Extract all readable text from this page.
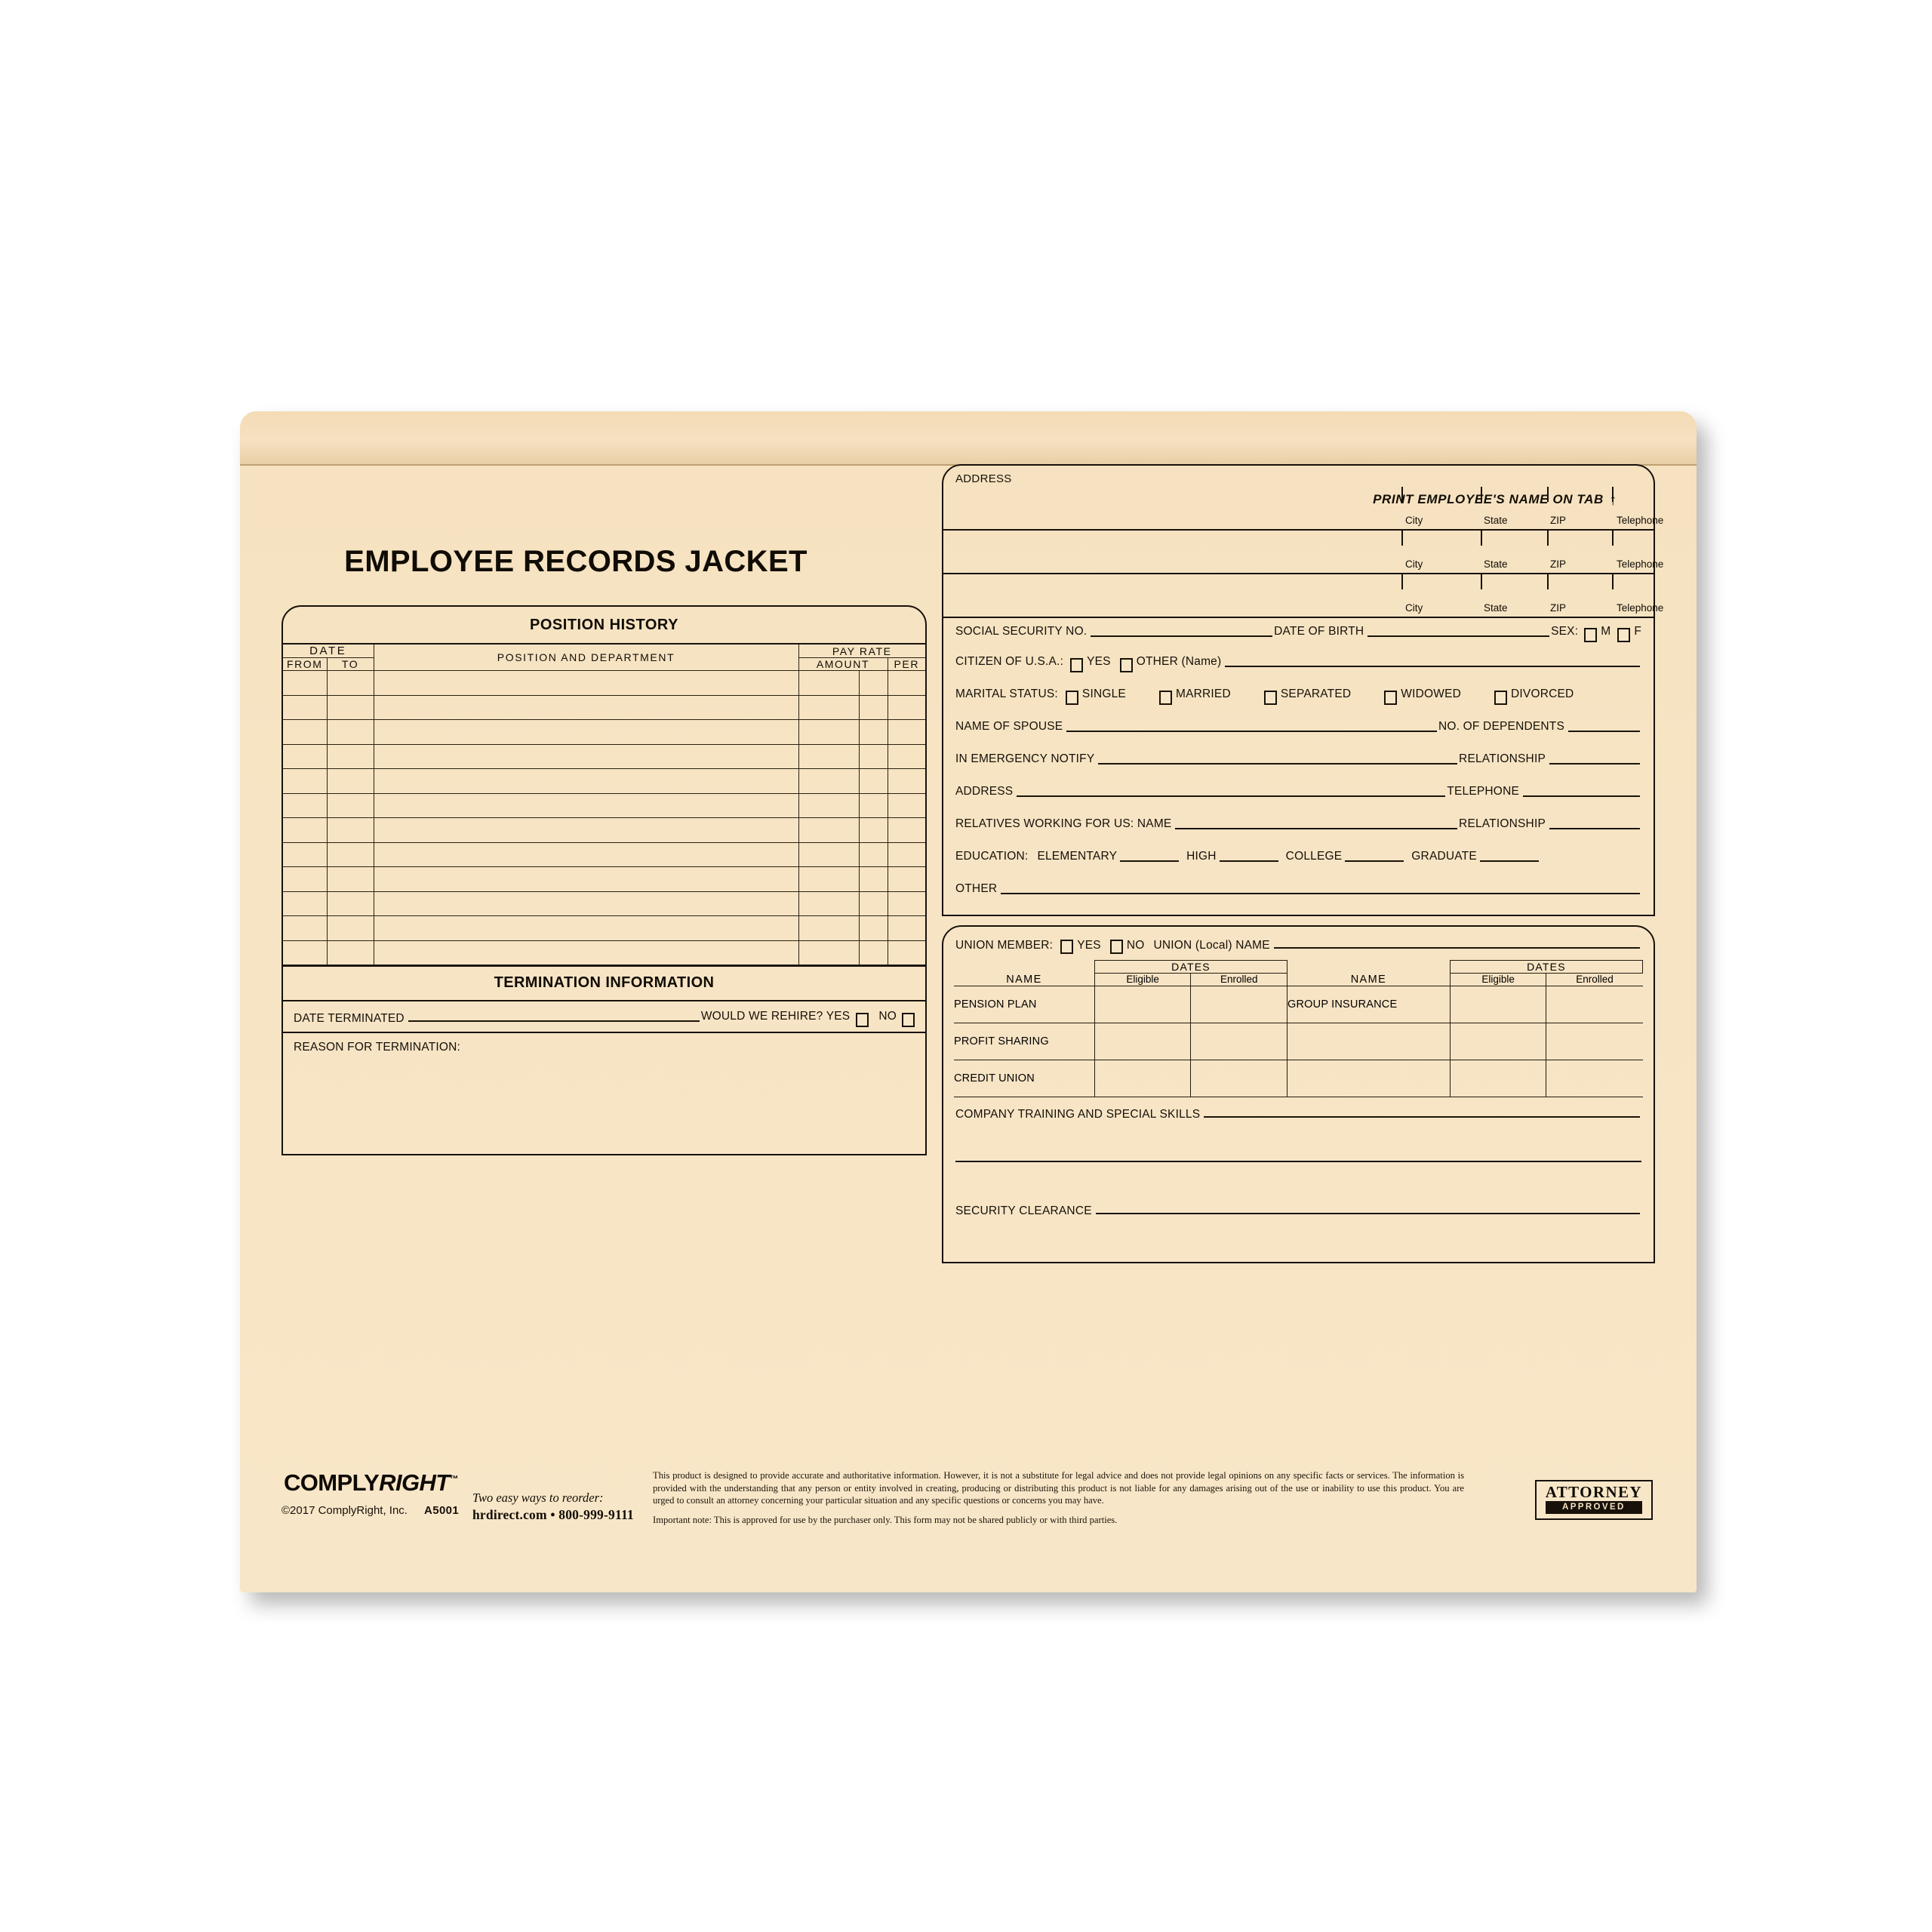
PRINT EMPLOYEE'S NAME ON TAB ↑
EMPLOYEE RECORDS JACKET
POSITION HISTORY
DATE		POSITION AND DEPARTMENT	PAY RATE		
FROM	TO		AMOUNT		PER

TERMINATION INFORMATION
DATE TERMINATED	WOULD WE REHIRE? YES NO
REASON FOR TERMINATION:
ADDRESS
City	State	ZIP	Telephone
City	State	ZIP	Telephone
City	State	ZIP	Telephone
SOCIAL SECURITY NO.	DATE OF BIRTH	SEX: M F
CITIZEN OF U.S.A.: YES OTHER (Name)
MARITAL STATUS: SINGLE	MARRIED	SEPARATED	WIDOWED	DIVORCED
NAME OF SPOUSE	NO. OF DEPENDENTS
IN EMERGENCY NOTIFY	RELATIONSHIP
ADDRESS	TELEPHONE
RELATIVES WORKING FOR US: NAME	RELATIONSHIP
EDUCATION: ELEMENTARY	HIGH	COLLEGE	GRADUATE
OTHER
UNION MEMBER: YES NO UNION (Local) NAME
	DATES			DATES	
NAME	Eligible	Enrolled	NAME	Eligible	Enrolled
PENSION PLAN			GROUP INSURANCE		
PROFIT SHARING					
CREDIT UNION					
COMPANY TRAINING AND SPECIAL SKILLS
SECURITY CLEARANCE
COMPLYRIGHT™
©2017 ComplyRight, Inc. A5001
Two easy ways to reorder:
hrdirect.com • 800-999-9111
This product is designed to provide accurate and authoritative information. However, it is not a substitute for legal advice and does not provide legal opinions on any specific facts or services. The information is provided with the understanding that any person or entity involved in creating, producing or distributing this product is not liable for any damages arising out of the use or inability to use this product. You are urged to consult an attorney concerning your particular situation and any specific questions or concerns you may have.
Important note: This is approved for use by the purchaser only. This form may not be shared publicly or with third parties.
ATTORNEY
APPROVED
